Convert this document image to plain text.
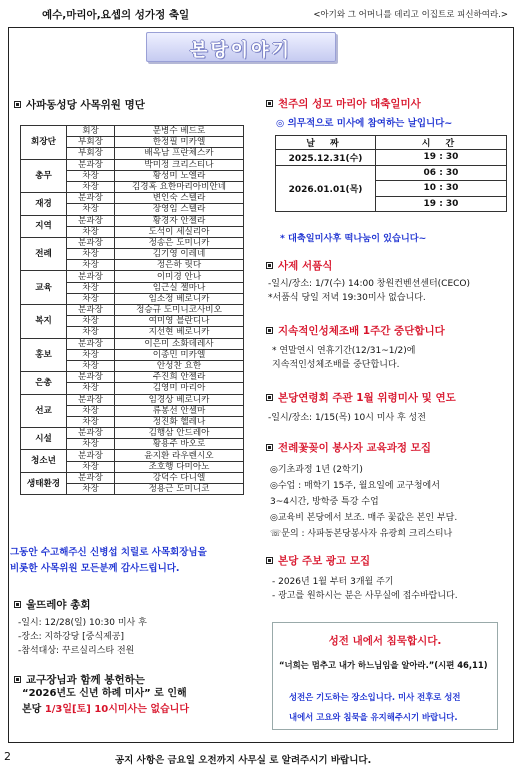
예수,마리아,요셉의 성가정 축일	<아기와 그 어머니를 데리고 이집트로 피신하여라.>
본당이야기
사파동성당 사목위원 명단
회장단	회장	문병수 베드로
	부회장	한정필 미카엘
	부회장	배옥남 프란체스카
총무	분과장	박미정 크리스티나
	차장	황성미 노엘라
	차장	김경혹 요한마리아비안네
재경	분과장	변인숙 스텔라
	차장	장영임 스텔라
지역	분과장	황경자 안젤라
	차장	도석이 세실리아
전례	분과장	정송은 도미니카
	차장	김기영 이레네
	차장	정은하 릿다
교육	분과장	이미경 안나
	차장	임근실 젤마나
	차장	임소정 베로니카
복지	분과장	정승규 도미니코사비오
	차장	여미영 블란디나
	차장	지선현 베로니카
홍보	분과장	이은미 소화데레사
	차장	이종민 미카엘
	차장	안성찬 요한
은총	분과장	주진희 안젤라
	차장	김영미 마리아
선교	분과장	임경상 베로니카
	차장	류봉선 안셀마
	차장	정진화 헬레나
시설	분과장	김행삼 안드레아
	차장	황용주 바오로
청소년	분과장	윤지환 라우렌시오
	차장	조호행 다미아노
생태환경	분과장	강덕수 다니엘
	차장	정용근 도미니코
그동안 수고해주신 신병섭 치릴로 사목회장님을
비롯한 사목위원 모든분께 감사드립니다.
울뜨레야 총회
-일시: 12/28(일) 10:30 미사 후
-장소: 지하강당 [중식제공]
-참석대상: 꾸르실리스타 전원
교구장님과 함께 봉헌하는
“2026년도 신년 하례 미사” 로 인해
본당 1/3일[토] 10시미사는 없습니다
천주의 성모 마리아 대축일미사
◎ 의무적으로 미사에 참여하는 날입니다~
날 짜	시 간
2025.12.31(수)	19 : 30
2026.01.01(목)	06 : 30
	10 : 30
	19 : 30
* 대축일미사후 떡나눔이 있습니다~
사제 서품식
-일시/장소: 1/7(수) 14:00 창원컨벤션센터(CECO)
*서품식 당일 저녁 19:30미사 없습니다.
지속적인성체조배 1주간 중단합니다
* 연말연시 연휴기간(12/31~1/2)에
지속적인성체조배를 중단합니다.
본당연령회 주관 1월 위령미사 및 연도
-일시/장소: 1/15(목) 10시 미사 후 성전
전례꽃꽂이 봉사자 교육과정 모집
◎기초과정 1년 (2학기)
◎수업 : 매학기 15주, 월요일에 교구청에서
3~4시간, 방학중 특강 수업
◎교육비 본당에서 보조. 매주 꽃값은 본인 부담.
☏문의 : 사파동본당봉사자 유광희 크리스티나
본당 주보 광고 모집
- 2026년 1월 부터 3개월 주기
- 광고를 원하시는 분은 사무실에 접수바랍니다.
성전 내에서 침묵합시다.
“너희는 멈추고 내가 하느님임을 알아라.”(시편 46,11)
성전은 기도하는 장소입니다. 미사 전후로 성전
내에서 고요와 침묵을 유지해주시기 바랍니다.
2	공지 사항은 금요일 오전까지 사무실 로 알려주시기 바랍니다.
